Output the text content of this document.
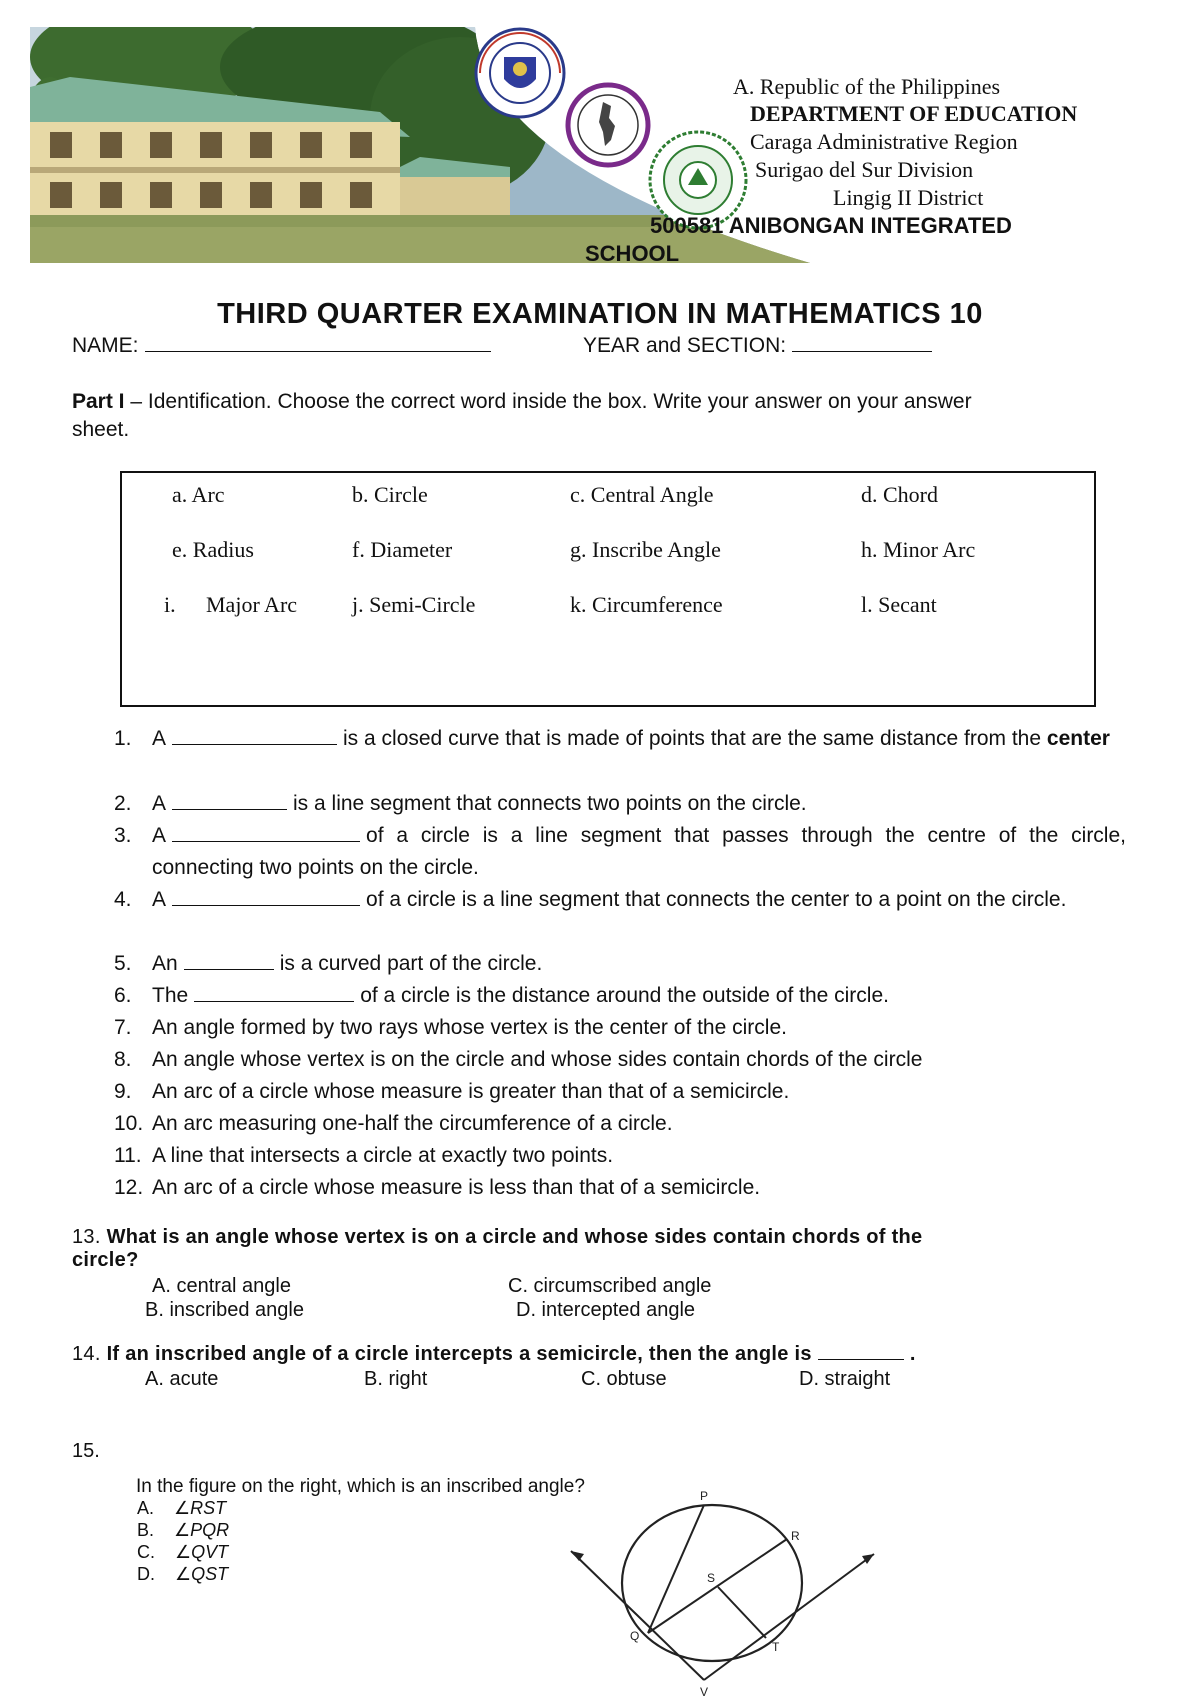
A. Republic of the Philippines
DEPARTMENT OF EDUCATION
Caraga Administrative Region
Surigao del Sur Division
Lingig II District
500581 ANIBONGAN INTEGRATED
SCHOOL
THIRD QUARTER EXAMINATION IN MATHEMATICS 10
NAME:	YEAR and SECTION:
Part I – Identification. Choose the correct word inside the box. Write your answer on your answer
sheet.
a. Arc	b. Circle	c. Central Angle	d. Chord
e. Radius	f. Diameter	g. Inscribe Angle	h. Minor Arc
i. Major Arc j. Semi-Circle	k. Circumference	l. Secant
1. A	is a closed curve that is made of points that are the same distance from the center
2. A	is a line segment that connects two points on the circle.
3. A	of a circle is a line segment that passes through the centre of the circle, connecting two points on the circle.
4. A	of a circle is a line segment that connects the center to a point on the circle.
5. An	is a curved part of the circle.
6. The	of a circle is the distance around the outside of the circle.
7. An angle formed by two rays whose vertex is the center of the circle.
8. An angle whose vertex is on the circle and whose sides contain chords of the circle
9. An arc of a circle whose measure is greater than that of a semicircle.
10. An arc measuring one-half the circumference of a circle.
11. A line that intersects a circle at exactly two points.
12. An arc of a circle whose measure is less than that of a semicircle.
13. What is an angle whose vertex is on a circle and whose sides contain chords of the
circle?
A. central angle
B. inscribed angle
C. circumscribed angle
D. intercepted angle
14. If an inscribed angle of a circle intercepts a semicircle, then the angle is	.
A. acute	B. right	C. obtuse	D. straight
15.
In the figure on the right, which is an inscribed angle?
A. ∠RST
B. ∠PQR
C. ∠QVT
D. ∠QST
P
R
S
Q
T
V
